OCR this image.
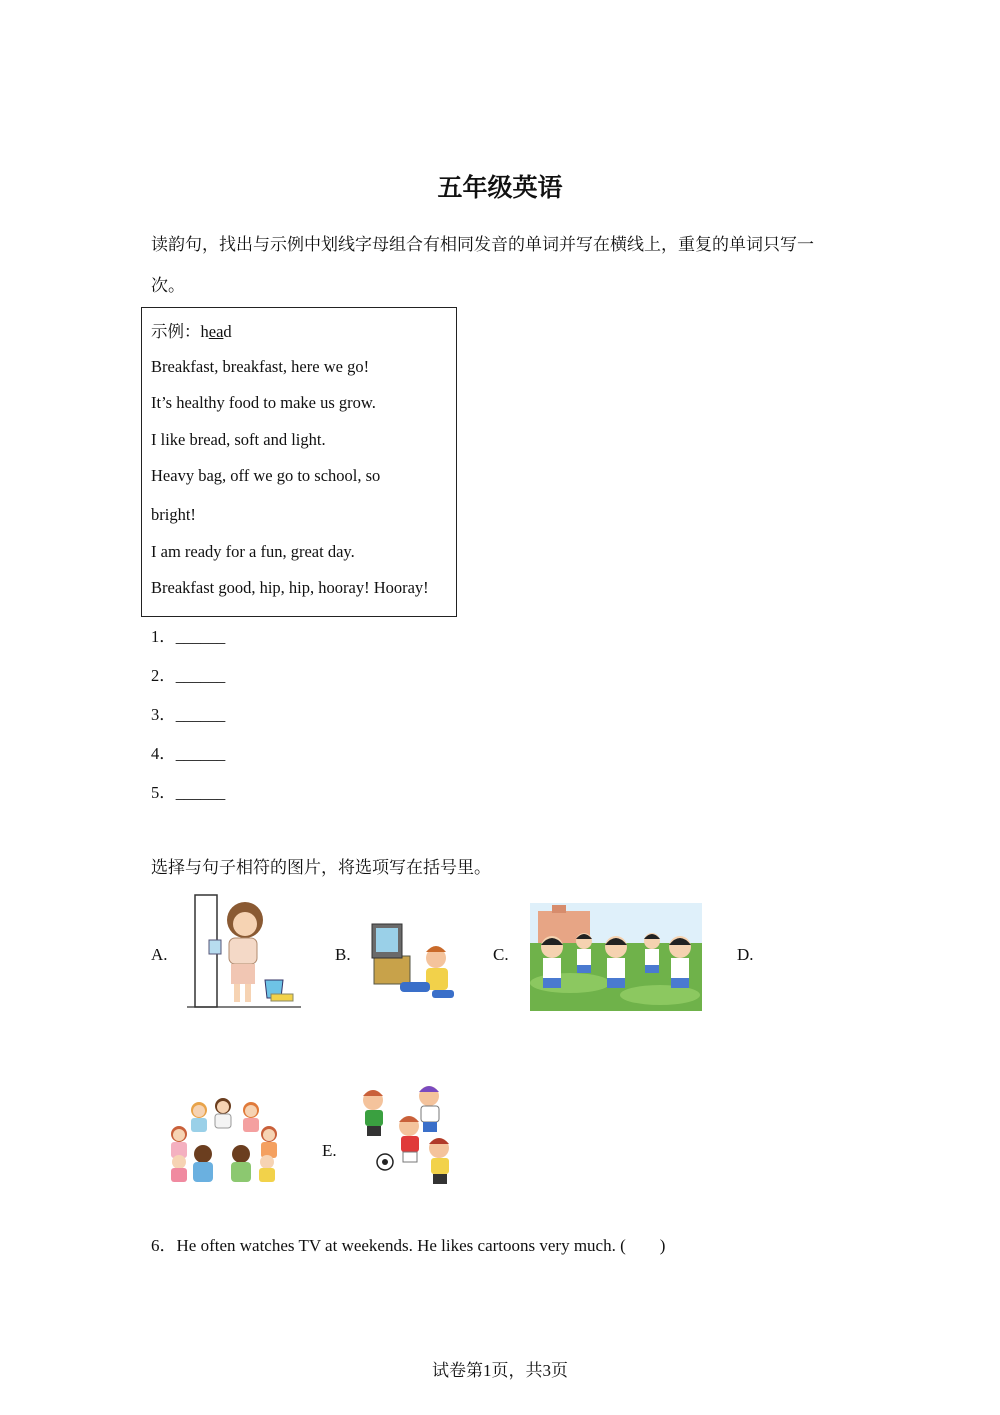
五年级英语
读韵句，找出与示例中划线字母组合有相同发音的单词并写在横线上，重复的单词只写一
次。
示例：head
Breakfast, breakfast, here we go!
It’s healthy food to make us grow.
I like bread, soft and light.
Heavy bag, off we go to school, so
bright!
I am ready for a fun, great day.
Breakfast good, hip, hip, hooray! Hooray!
1．______
2．______
3．______
4．______
5．______
选择与句子相符的图片，将选项写在括号里。
A.	B.	C.	D.
E.
6．He often watches TV at weekends. He likes cartoons very much. (  )
试卷第1页，共3页
